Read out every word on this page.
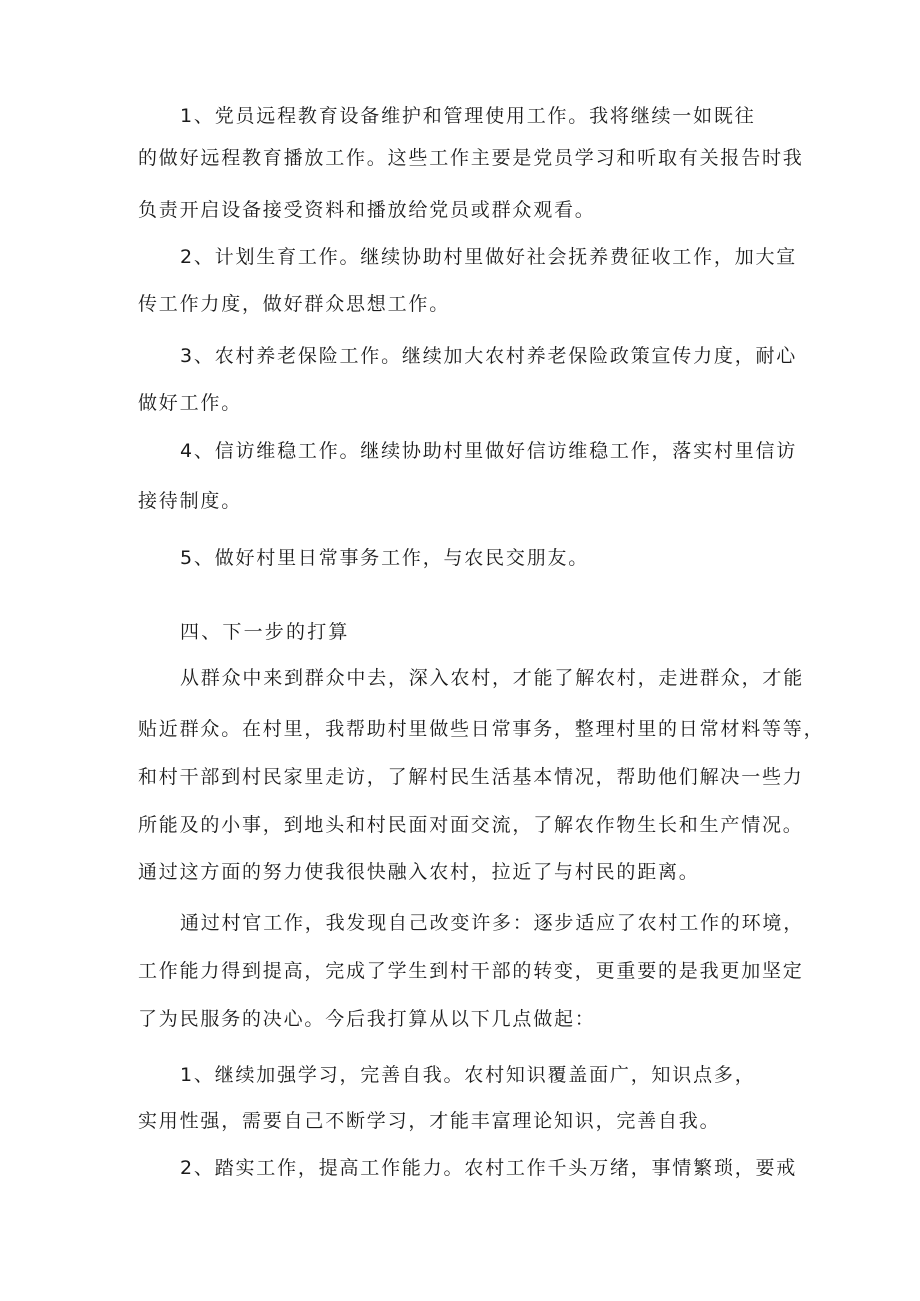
1、党员远程教育设备维护和管理使用工作。我将继续一如既往
的做好远程教育播放工作。这些工作主要是党员学习和听取有关报告时我
负责开启设备接受资料和播放给党员或群众观看。
2、计划生育工作。继续协助村里做好社会抚养费征收工作，加大宣
传工作力度，做好群众思想工作。
3、农村养老保险工作。继续加大农村养老保险政策宣传力度，耐心
做好工作。
4、信访维稳工作。继续协助村里做好信访维稳工作，落实村里信访
接待制度。
5、做好村里日常事务工作，与农民交朋友。
四、下一步的打算
从群众中来到群众中去，深入农村，才能了解农村，走进群众，才能
贴近群众。在村里，我帮助村里做些日常事务，整理村里的日常材料等等，
和村干部到村民家里走访，了解村民生活基本情况，帮助他们解决一些力
所能及的小事，到地头和村民面对面交流，了解农作物生长和生产情况。
通过这方面的努力使我很快融入农村，拉近了与村民的距离。
通过村官工作，我发现自己改变许多：逐步适应了农村工作的环境，
工作能力得到提高，完成了学生到村干部的转变，更重要的是我更加坚定
了为民服务的决心。今后我打算从以下几点做起：
1、继续加强学习，完善自我。农村知识覆盖面广，知识点多，
实用性强，需要自己不断学习，才能丰富理论知识，完善自我。
2、踏实工作，提高工作能力。农村工作千头万绪，事情繁琐，要戒
